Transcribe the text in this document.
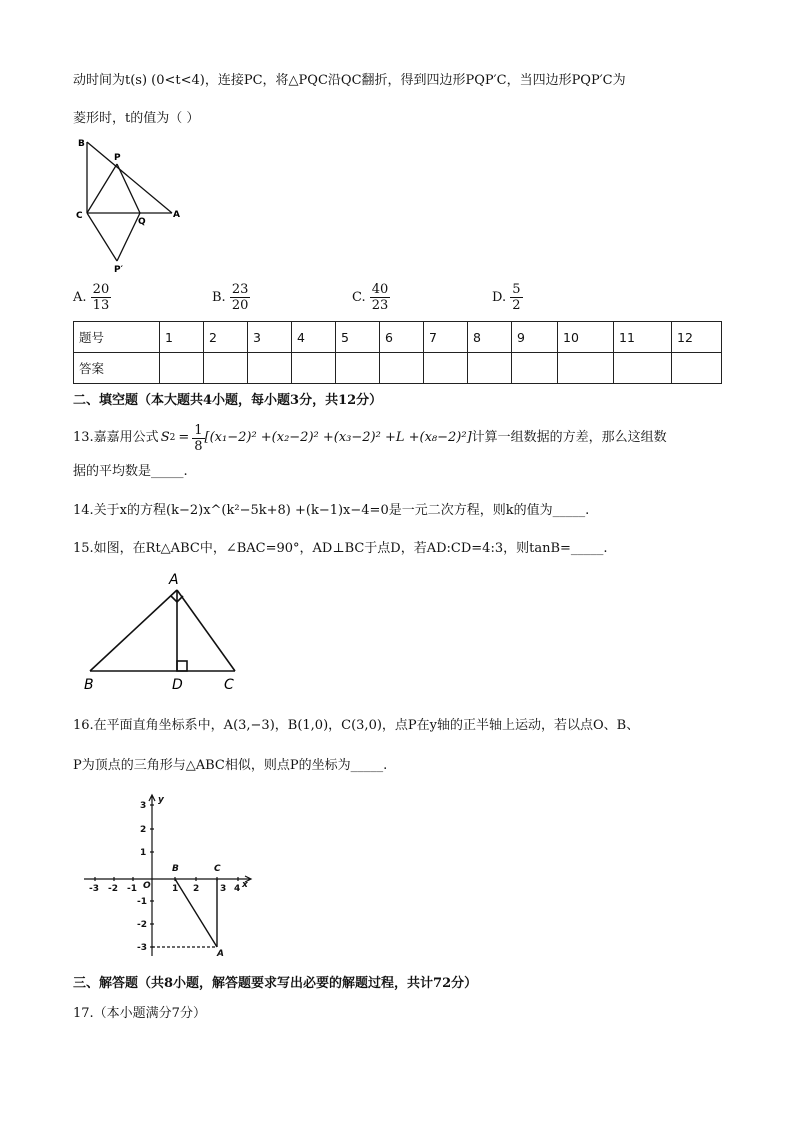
动时间为t(s) (0<t<4)，连接PC，将△PQC沿QC翻折，得到四边形PQP′C，当四边形PQP′C为
菱形时，t的值为（ ）
B
P
C
Q
A
P′
A. $\frac{20}{13}$	B. $\frac{23}{20}$	C. $\frac{40}{23}$	D. $\frac{5}{2}$
题号	1	2	3	4	5	6	7	8	9	10	11	12
答案												
二、填空题（本大题共4小题，每小题3分，共12分）
13.嘉嘉用公式 S $2 = \frac{1}{8} [(x_1-2)^2 +(x_2-2)^2 +(x_3-2)^2 +L +(x_8-2)^2]$ 计算一组数据的方差，那么这组数
据的平均数是_____.
14.关于x的方程(k−2)x^(k²−5k+8) +(k−1)x−4=0是一元二次方程，则k的值为_____.
15.如图，在Rt△ABC中，∠BAC=90°，AD⊥BC于点D，若AD:CD=4:3，则tanB=_____.
A
B	D	C
16.在平面直角坐标系中，A(3,−3)，B(1,0)，C(3,0)，点P在y轴的正半轴上运动，若以点O、B、
P为顶点的三角形与△ABC相似，则点P的坐标为_____.
x
y
O
-3 -2 -1	1 2 3 4
3
2
1
-1
-2
-3
B	C
A
三、解答题（共8小题，解答题要求写出必要的解题过程，共计72分）
17.（本小题满分7分）
